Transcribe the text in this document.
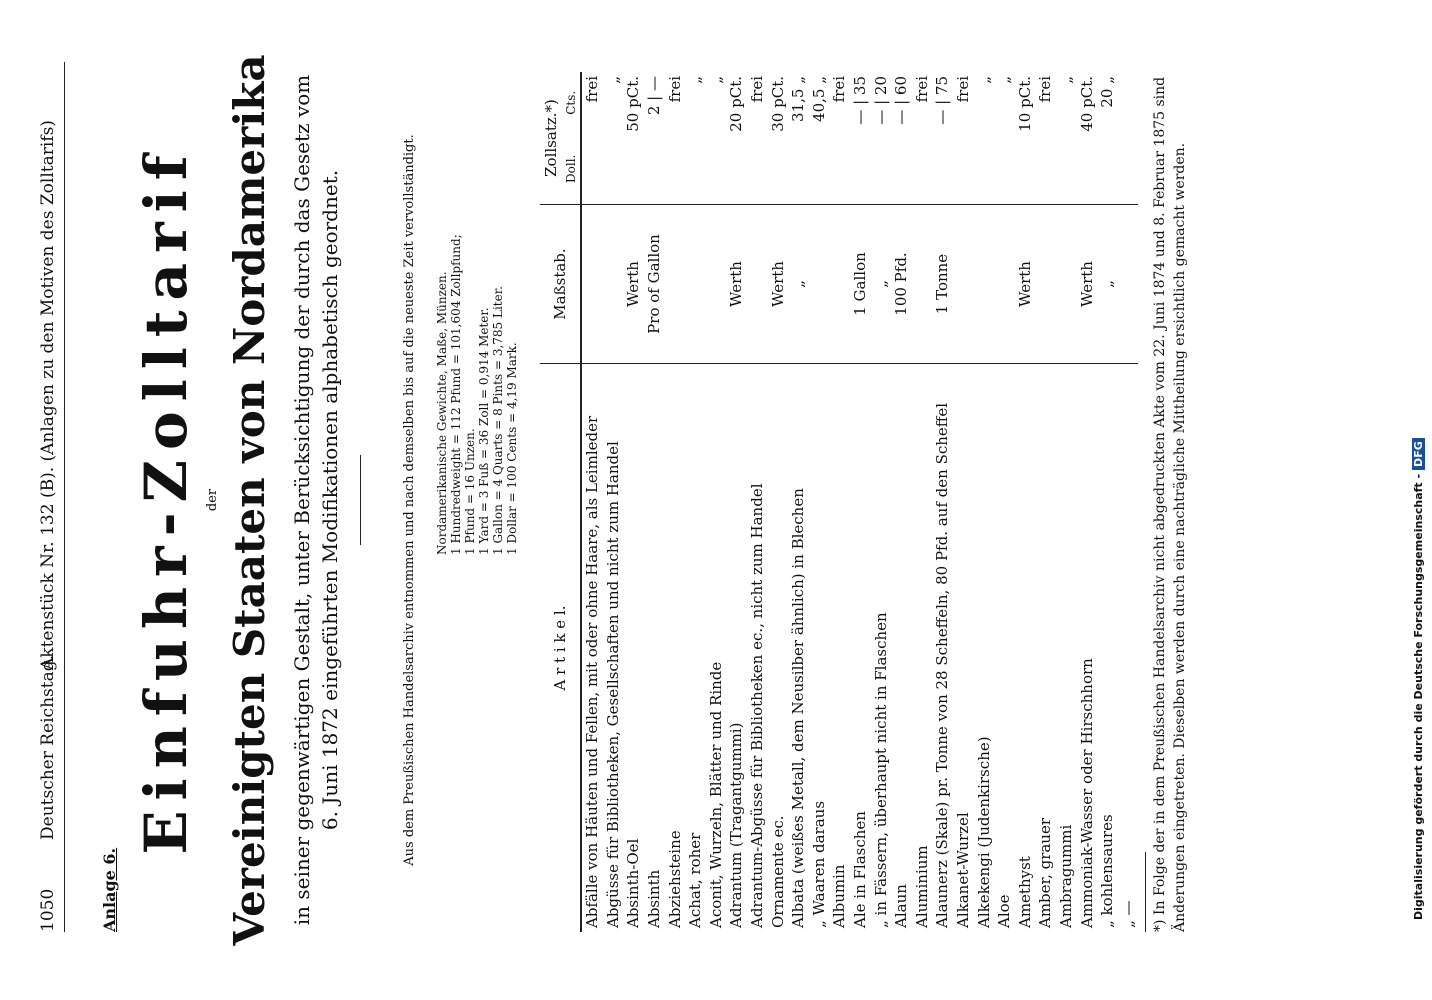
1050
Deutscher Reichstag.
Aktenstück Nr. 132 (B). (Anlagen zu den Motiven des Zolltarifs)
Anlage 6.
Einfuhr-Zolltarif der Vereinigten Staaten von Nordamerika in seiner gegenwärtigen Gestalt, unter Berücksichtigung der durch das Gesetz vom 6. Juni 1872 eingeführten Modifikationen alphabetisch geordnet.	Aus dem Preußischen Handelsarchiv entnommen und nach demselben bis auf die neueste Zeit vervollständigt. Nordamerikanische Gewichte, Maße, Münzen. 1 Hundredweight = 112 Pfund = 101,604 Zollpfund; 1 Pfund = 16 Unzen. 1 Yard = 3 Fuß = 36 Zoll = 0,914 Meter. 1 Gallon = 4 Quarts = 8 Pints = 3,785 Liter. 1 Dollar = 100 Cents = 4,19 Mark.
A r t i k e l.	Maßstab.	Zollsatz.*)	
		Doll.	Cts.
Abfälle von Häuten und Fellen, mit oder ohne Haare, als Leimleder		frei	
Abgüsse für Bibliotheken, Gesellschaften und nicht zum Handel		„	
Absinth-Oel	Werth	50 pCt.	
Absinth	Pro of Gallon	2 | —	
Abziehsteine		frei	
Achat, roher		„	
Aconit, Wurzeln, Blätter und Rinde		„	
Adrantum (Tragantgummi)	Werth	20 pCt.	
Adrantum-Abgüsse für Bibliotheken ec., nicht zum Handel		frei	
Ornamente ec.	Werth	30 pCt.	
Albata (weißes Metall, dem Neusilber ähnlich) in Blechen	„	31,5 „	
„ Waaren daraus		40,5 „	
Albumin		frei	
Ale in Flaschen	1 Gallon	— | 35	
„ in Fässern, überhaupt nicht in Flaschen	„	— | 20	
Alaun	100 Pfd.	— | 60	
Aluminium		frei	
Alaunerz (Skale) pr. Tonne von 28 Scheffeln, 80 Pfd. auf den Scheffel	1 Tonne	— | 75	
Alkanet-Wurzel		frei	
Alkekengi (Judenkirsche)		„	
Aloe		„	
Amethyst	Werth	10 pCt.	
Amber, grauer		frei	
Ambragummi		„	
Ammoniak-Wasser oder Hirschhorn	Werth	40 pCt.	
„ kohlensaures	„	20 „	
„ —			*) In Folge der in dem Preußischen Handelsarchiv nicht abgedruckten Akte vom 22. Juni 1874 und 8. Februar 1875 sind Änderungen eingetreten. Dieselben werden durch eine nachträgliche Mittheilung ersichtlich gemacht werden.	Digitalisierung gefördert durch die Deutsche Forschungsgemeinschaft -DFG
